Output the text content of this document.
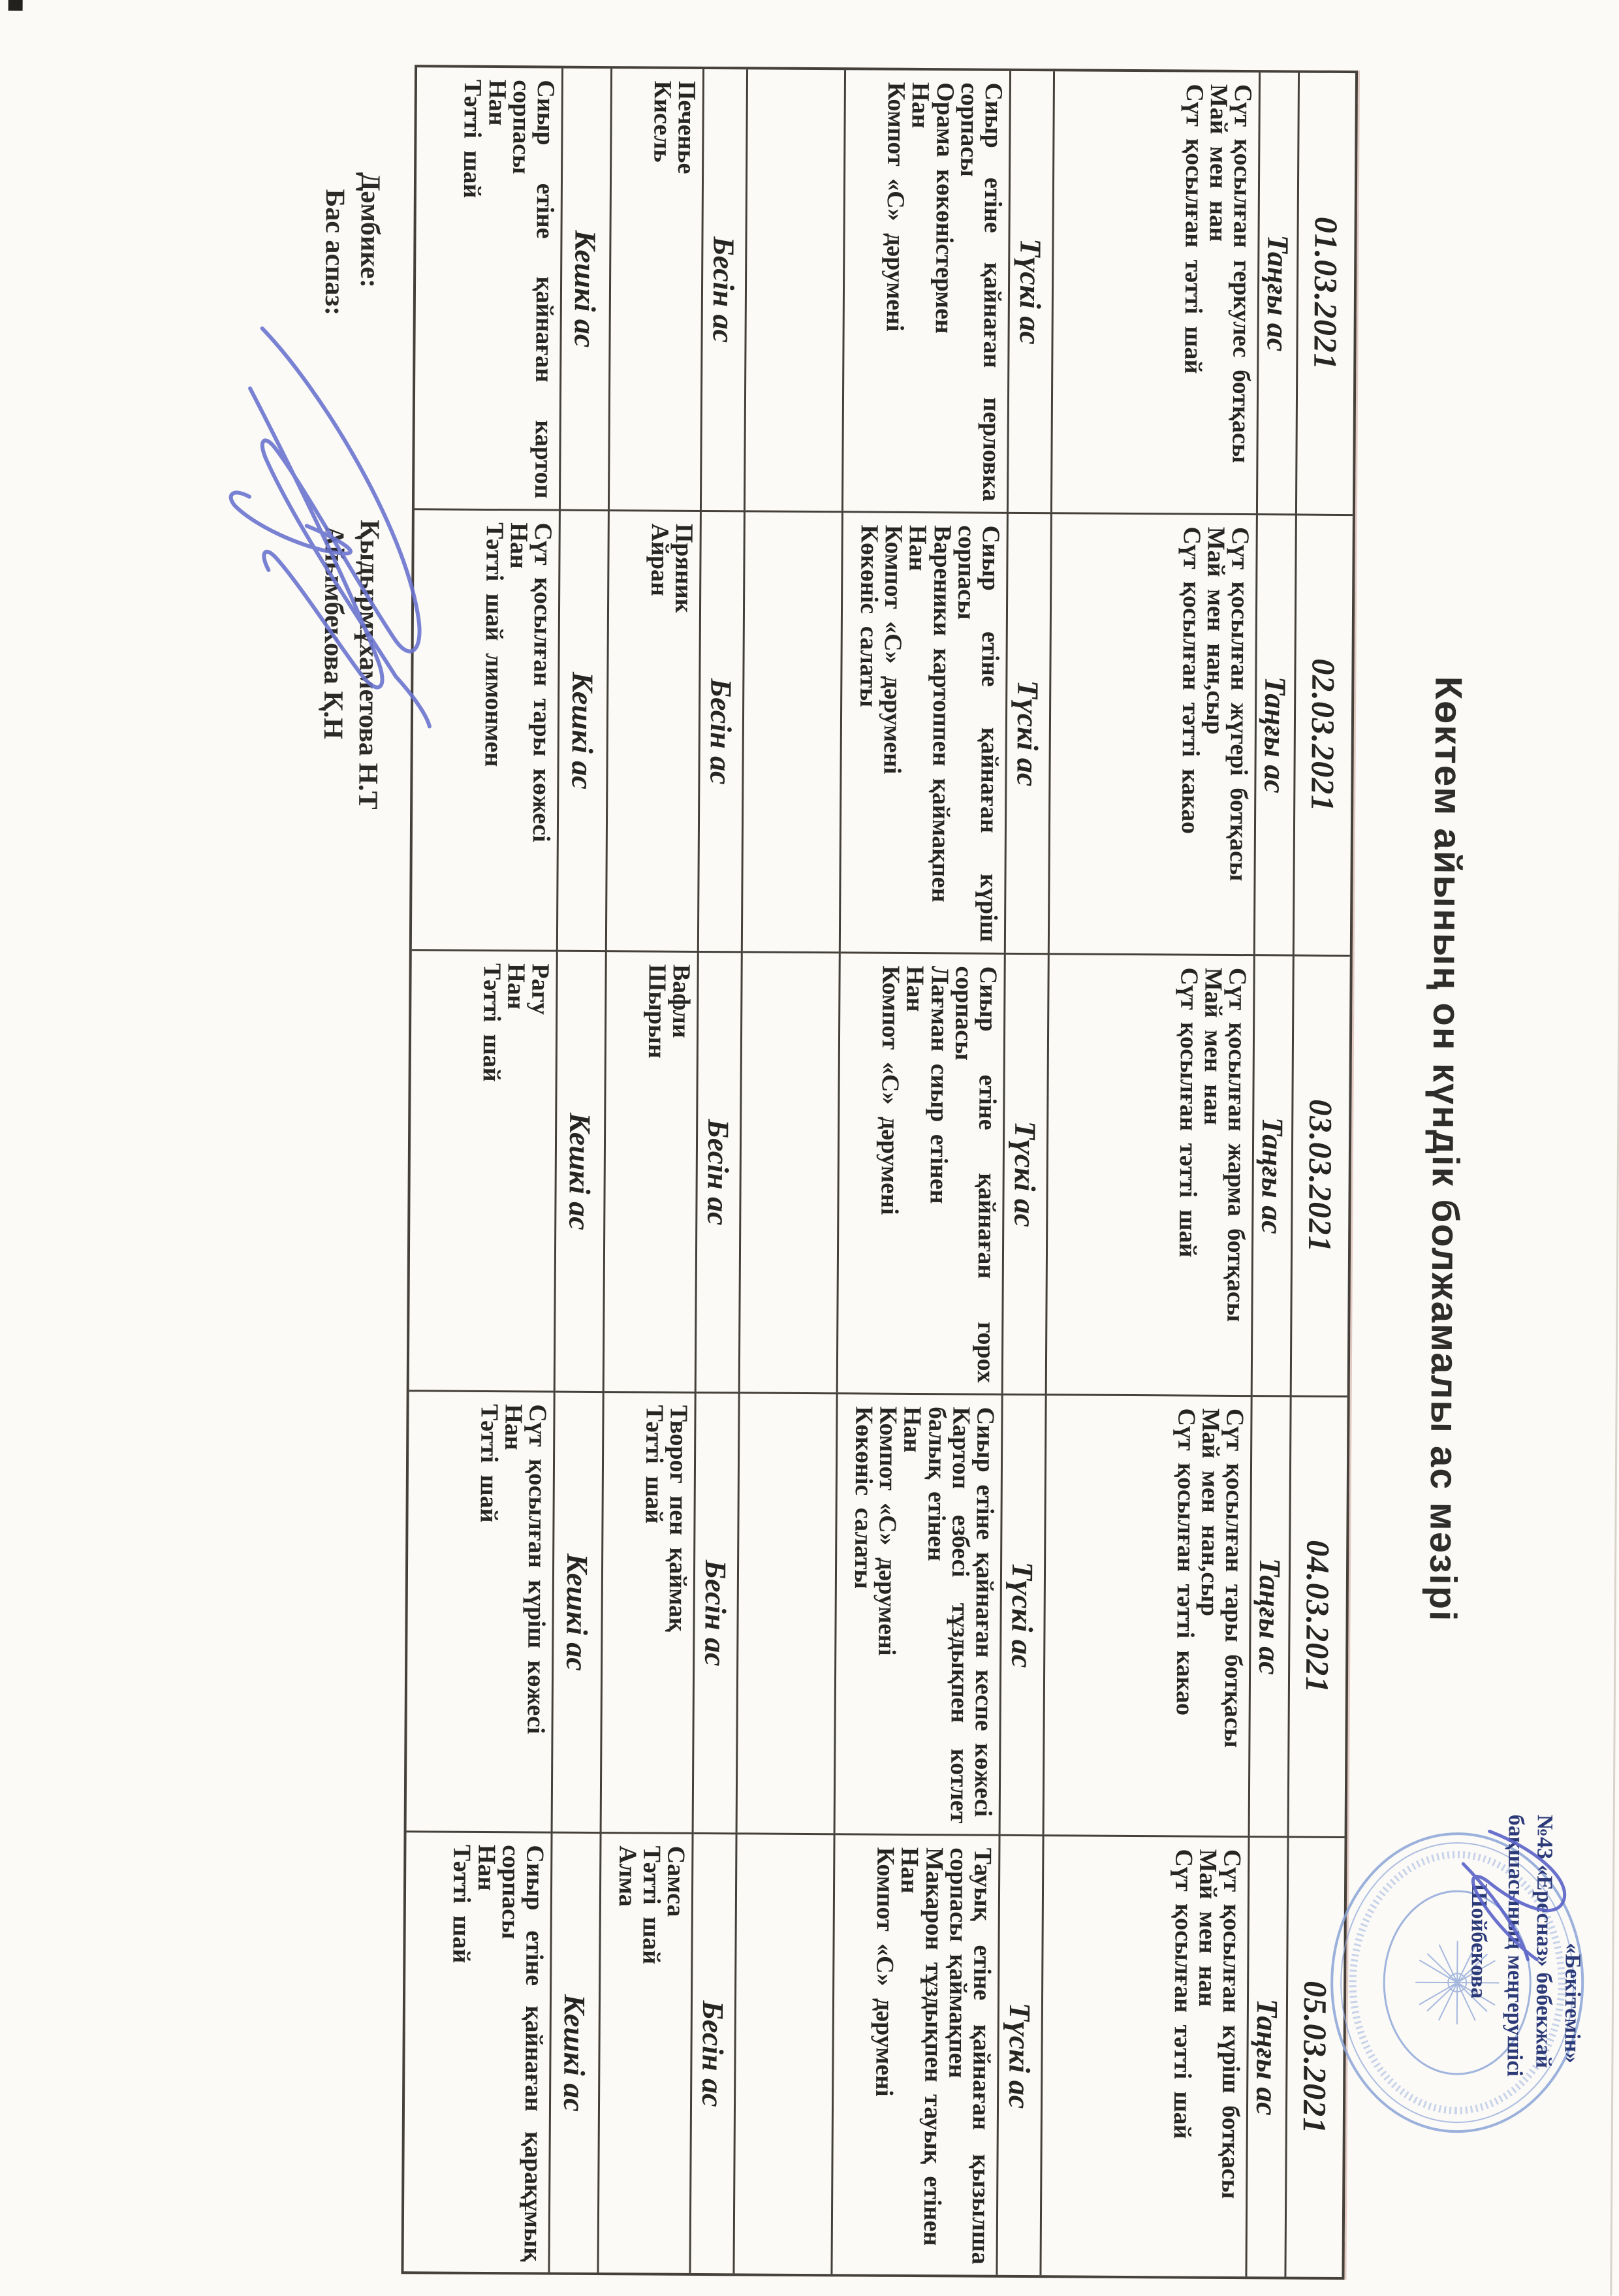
Көктем айының он күндік болжамалы ас мәзірі
01.03.2021
02.03.2021
03.03.2021
04.03.2021
05.03.2021
Таңғы ас
Таңғы ас
Таңғы ас
Таңғы ас
Таңғы ас
Сүт қосылған геркулес ботқасы
Май мен нан
Сүт қосылған тәтті шай
Сүт қосылған жүгері ботқасы
Май мен нан,сыр
Сүт қосылған тәтті какао
Сүт қосылған жарма ботқасы
Май мен нан
Сүт қосылған тәтті шай
Сүт қосылған тары ботқасы
Май мен нан,сыр
Сүт қосылған тәтті какао
Сүт қосылған күріш ботқасы
Май мен нан
Сүт қосылған тәтті шай
Түскі ас
Түскі ас
Түскі ас
Түскі ас
Түскі ас
Сиыр етіне қайнаған перловка сорпасы
Орама көкөністермен
Нан
Компот «С» дәрумені
Сиыр етіне қайнаған күріш сорпасы
Вареники картоппен қаймақпен
Нан
Компот «С» дәрумені
Көкөніс салаты
Сиыр етіне қайнаған горох сорпасы
Лағман сиыр етінен
Нан
Компот «С» дәрумені
Сиыр етіне қайнаған кеспе көжесі
Картоп езбесі тұздықпен котлет балық етінен
Нан
Компот «С» дәрумені
Көкөніс салаты
Тауық етіне қайнаған қызылша сорпасы қаймақпен
Макарон тұздықпен тауық етінен
Нан
Компот «С» дәрумені
Бесін ас
Бесін ас
Бесін ас
Бесін ас
Бесін ас
Печенье
Кисель
Пряник
Айран
Вафли
Шырын
Творог пен қаймақ
Тәтті шай
Самса
Тәтті шай
Алма
Кешкі ас
Кешкі ас
Кешкі ас
Кешкі ас
Кешкі ас
Сиыр етіне қайнаған картоп сорпасы
Нан
Тәтті шай
Сүт қосылған тары көжесі
Нан
Тәтті шай лимонмен
Рагу
Нан
Тәтті шай
Сүт қосылған күріш көжесі
Нан
Тәтті шай
Сиыр етіне қайнаған қарақұмық сорпасы
Нан
Тәтті шай
Дәмбике:
Қыдырмұхаметова Н.Т
Бас аспаз:
Айымбекова Қ.Н
«Бекітемін»
№43 «Ересназ» бөбекжай
бақшасының меңгерушісі
Шойбекова
